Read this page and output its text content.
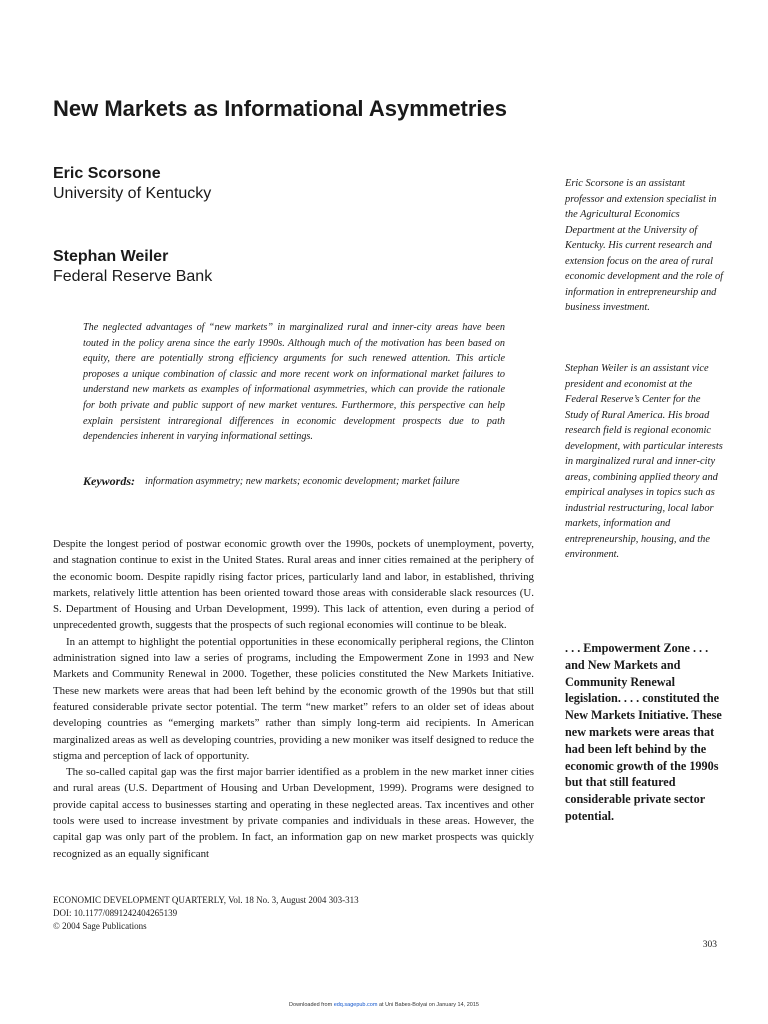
New Markets as Informational Asymmetries
Eric Scorsone
University of Kentucky
Stephan Weiler
Federal Reserve Bank

The neglected advantages of “new markets” in marginalized rural and inner-city areas have been touted in the policy arena since the early 1990s. Although much of the motivation has been based on equity, there are potentially strong efficiency arguments for such renewed attention. This article proposes a unique combination of classic and more recent work on informational market failures to understand new markets as examples of informational asymmetries, which can provide the rationale for both private and public support of new market ventures. Furthermore, this perspective can help explain persistent intraregional differences in economic development prospects due to path dependencies inherent in varying informational settings.

Keywords: information asymmetry; new markets; economic development; market failure

Despite the longest period of postwar economic growth over the 1990s, pockets of unemployment, poverty, and stagnation continue to exist in the United States. Rural areas and inner cities remained at the periphery of the economic boom. Despite rapidly rising factor prices, particularly land and labor, in established, thriving markets, relatively little attention has been oriented toward those areas with considerable slack resources (U. S. Department of Housing and Urban Development, 1999). This lack of attention, even during a period of unprecedented growth, suggests that the prospects of such regional economies will continue to be bleak.

In an attempt to highlight the potential opportunities in these economically peripheral regions, the Clinton administration signed into law a series of programs, including the Empowerment Zone in 1993 and New Markets and Community Renewal in 2000. Together, these policies constituted the New Markets Initiative. These new markets were areas that had been left behind by the economic growth of the 1990s but that still featured considerable private sector potential. The term “new market” refers to an older set of ideas about developing countries as “emerging markets” rather than simply long-term aid recipients. In American marginalized areas as well as developing countries, providing a new moniker was itself designed to reduce the stigma and perception of lack of opportunity.

The so-called capital gap was the first major barrier identified as a problem in the new market inner cities and rural areas (U.S. Department of Housing and Urban Development, 1999). Programs were designed to provide capital access to businesses starting and operating in these neglected areas. Tax incentives and other tools were used to increase investment by private companies and individuals in these areas. However, the capital gap was only part of the problem. In fact, an information gap on new market prospects was quickly recognized as an equally significant

ECONOMIC DEVELOPMENT QUARTERLY, Vol. 18 No. 3, August 2004 303-313
DOI: 10.1177/0891242404265139
© 2004 Sage Publications
303
Downloaded from edq.sagepub.com at Uni Babes-Bolyai on January 14, 2015

Eric Scorsone is an assistant professor and extension specialist in the Agricultural Economics Department at the University of Kentucky. His current research and extension focus on the area of rural economic development and the role of information in entrepreneurship and business investment.

Stephan Weiler is an assistant vice president and economist at the Federal Reserve’s Center for the Study of Rural America. His broad research field is regional economic development, with particular interests in marginalized rural and inner-city areas, combining applied theory and empirical analyses in topics such as industrial restructuring, local labor markets, information and entrepreneurship, housing, and the environment.

. . . Empowerment Zone . . . and New Markets and Community Renewal legislation. . . . constituted the New Markets Initiative. These new markets were areas that had been left behind by the economic growth of the 1990s but that still featured considerable private sector potential.
